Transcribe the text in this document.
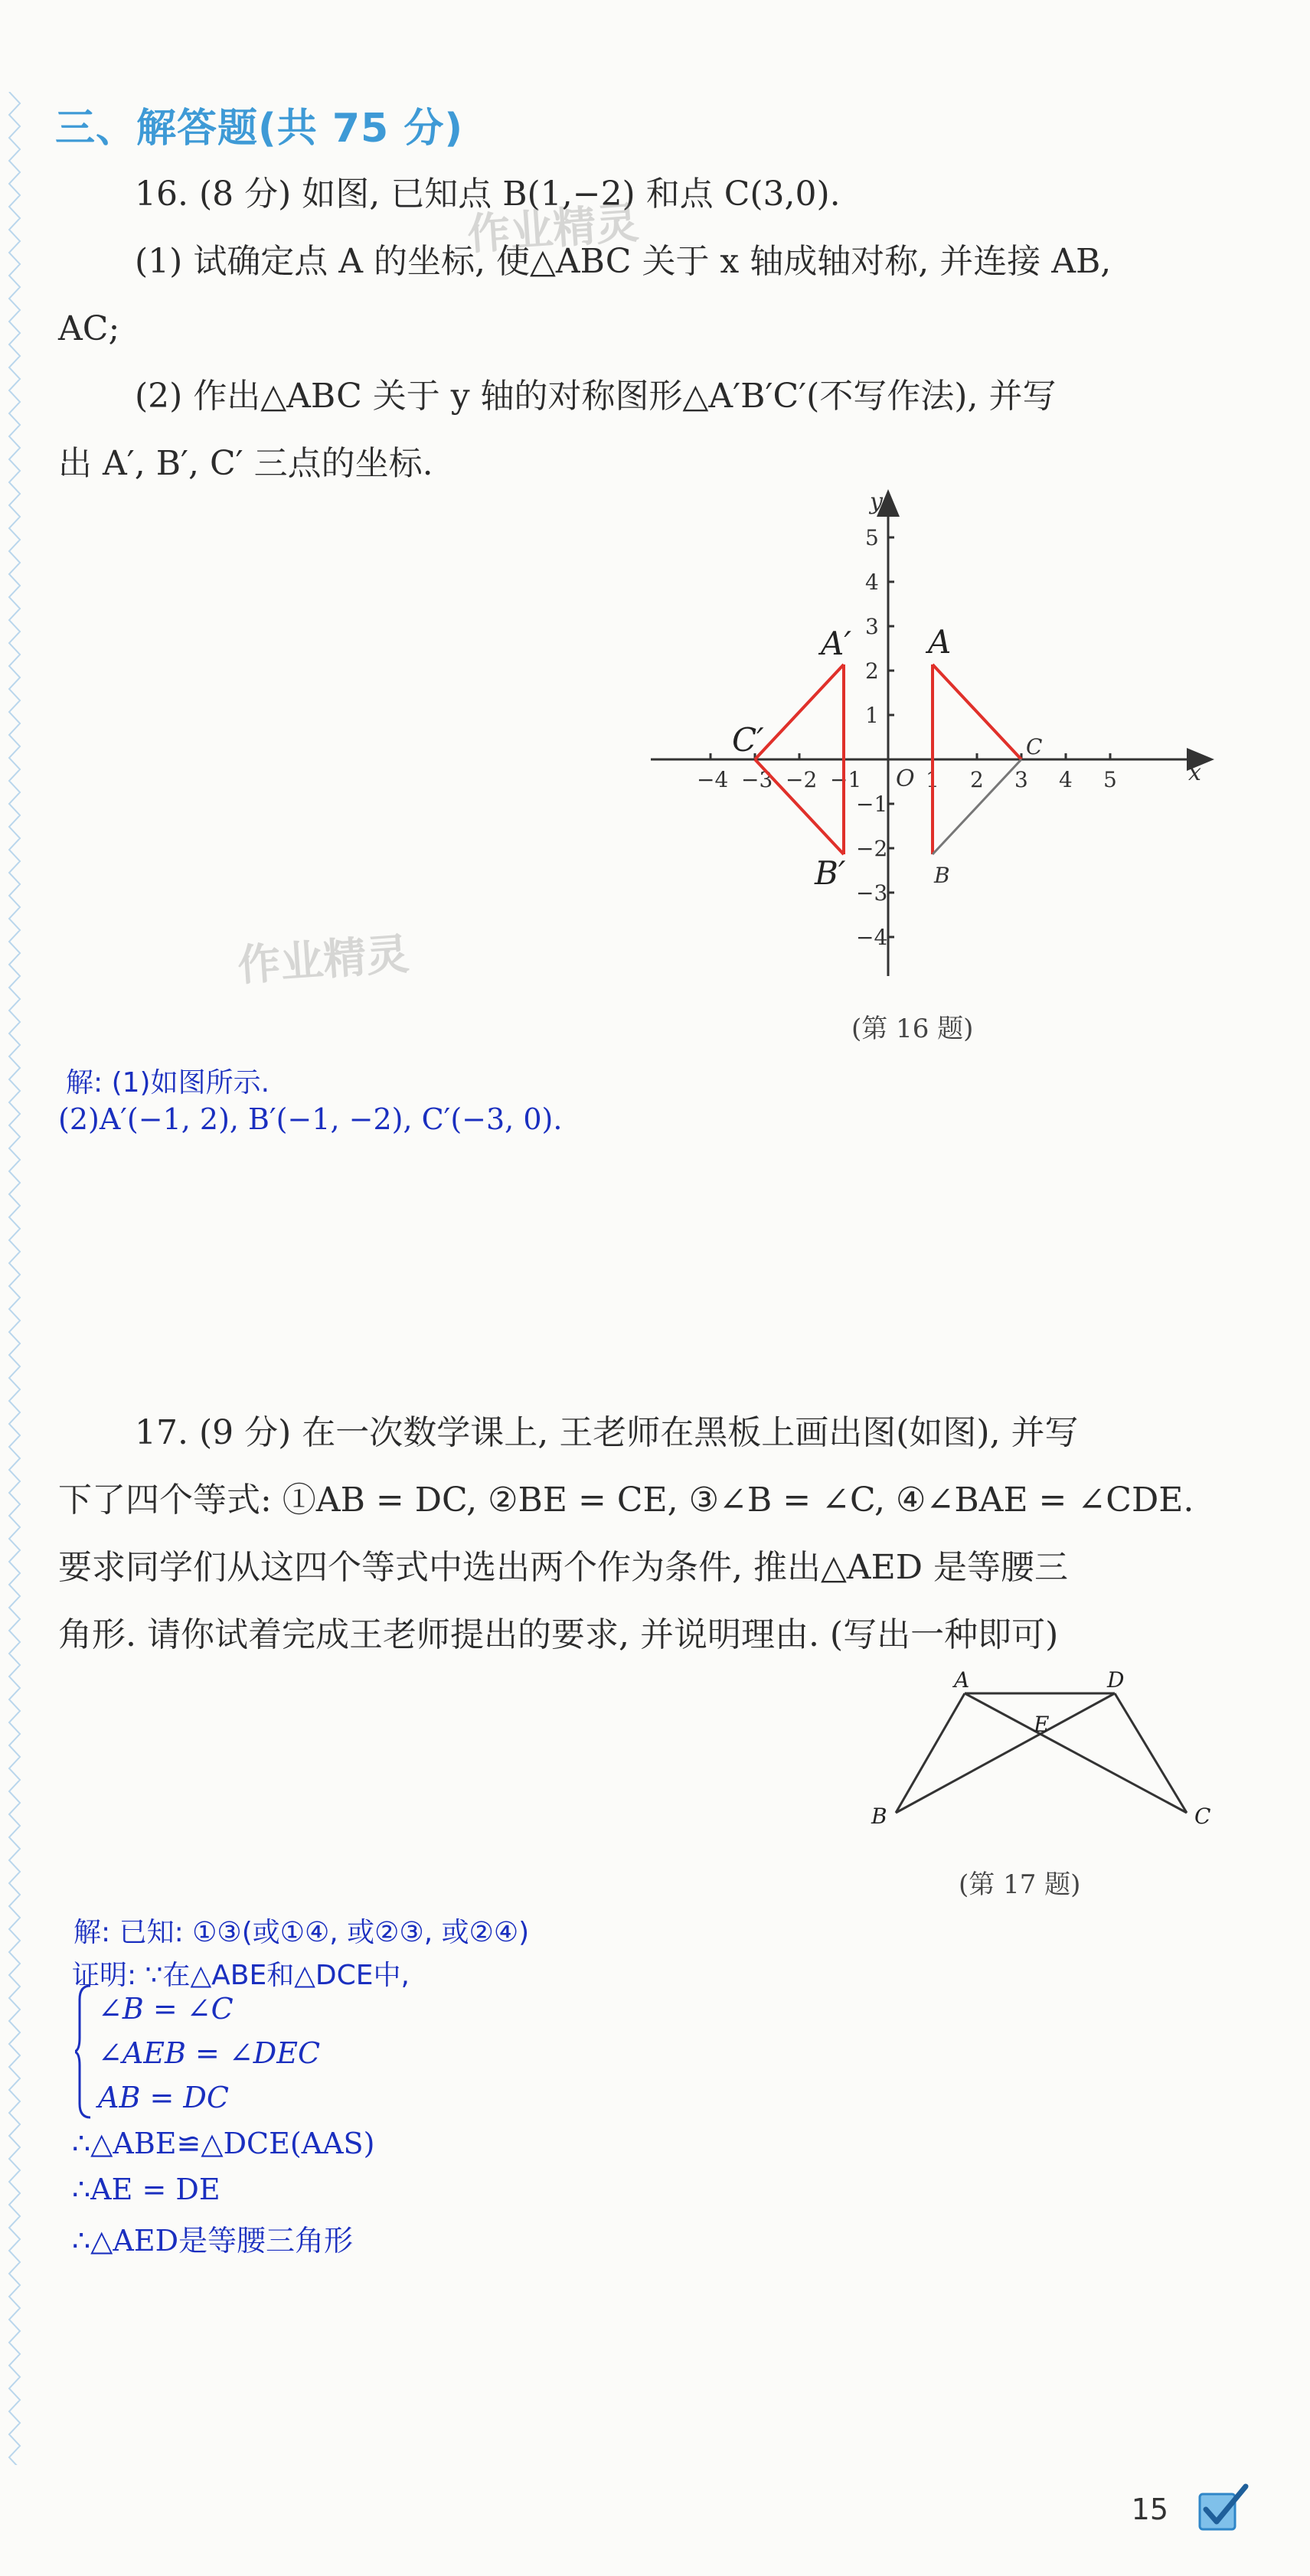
三、解答题(共 75 分)
16. (8 分) 如图, 已知点 B(1,−2) 和点 C(3,0).
(1) 试确定点 A 的坐标, 使△ABC 关于 x 轴成轴对称, 并连接 AB,
AC;
(2) 作出△ABC 关于 y 轴的对称图形△A′B′C′(不写作法), 并写
出 A′, B′, C′ 三点的坐标.
作业精灵
作业精灵
x
y
O
−4 −3 −2 −1	1 2 3 4 5
5
4
3
2
1
−1
−2
−3
−4
A
B
C
A′
B′
C′
(第 16 题)
解: (1)如图所示.
(2)A′(−1, 2), B′(−1, −2), C′(−3, 0).
17. (9 分) 在一次数学课上, 王老师在黑板上画出图(如图), 并写
下了四个等式: ①AB = DC, ②BE = CE, ③∠B = ∠C, ④∠BAE = ∠CDE.
要求同学们从这四个等式中选出两个作为条件, 推出△AED 是等腰三
角形. 请你试着完成王老师提出的要求, 并说明理由. (写出一种即可)
A	D
E
B	C
(第 17 题)
解: 已知: ①③(或①④, 或②③, 或②④)
证明: ∵在△ABE和△DCE中,
∠B = ∠C
∠AEB = ∠DEC
AB = DC
∴△ABE≌△DCE(AAS)
∴AE = DE
∴△AED是等腰三角形
15
